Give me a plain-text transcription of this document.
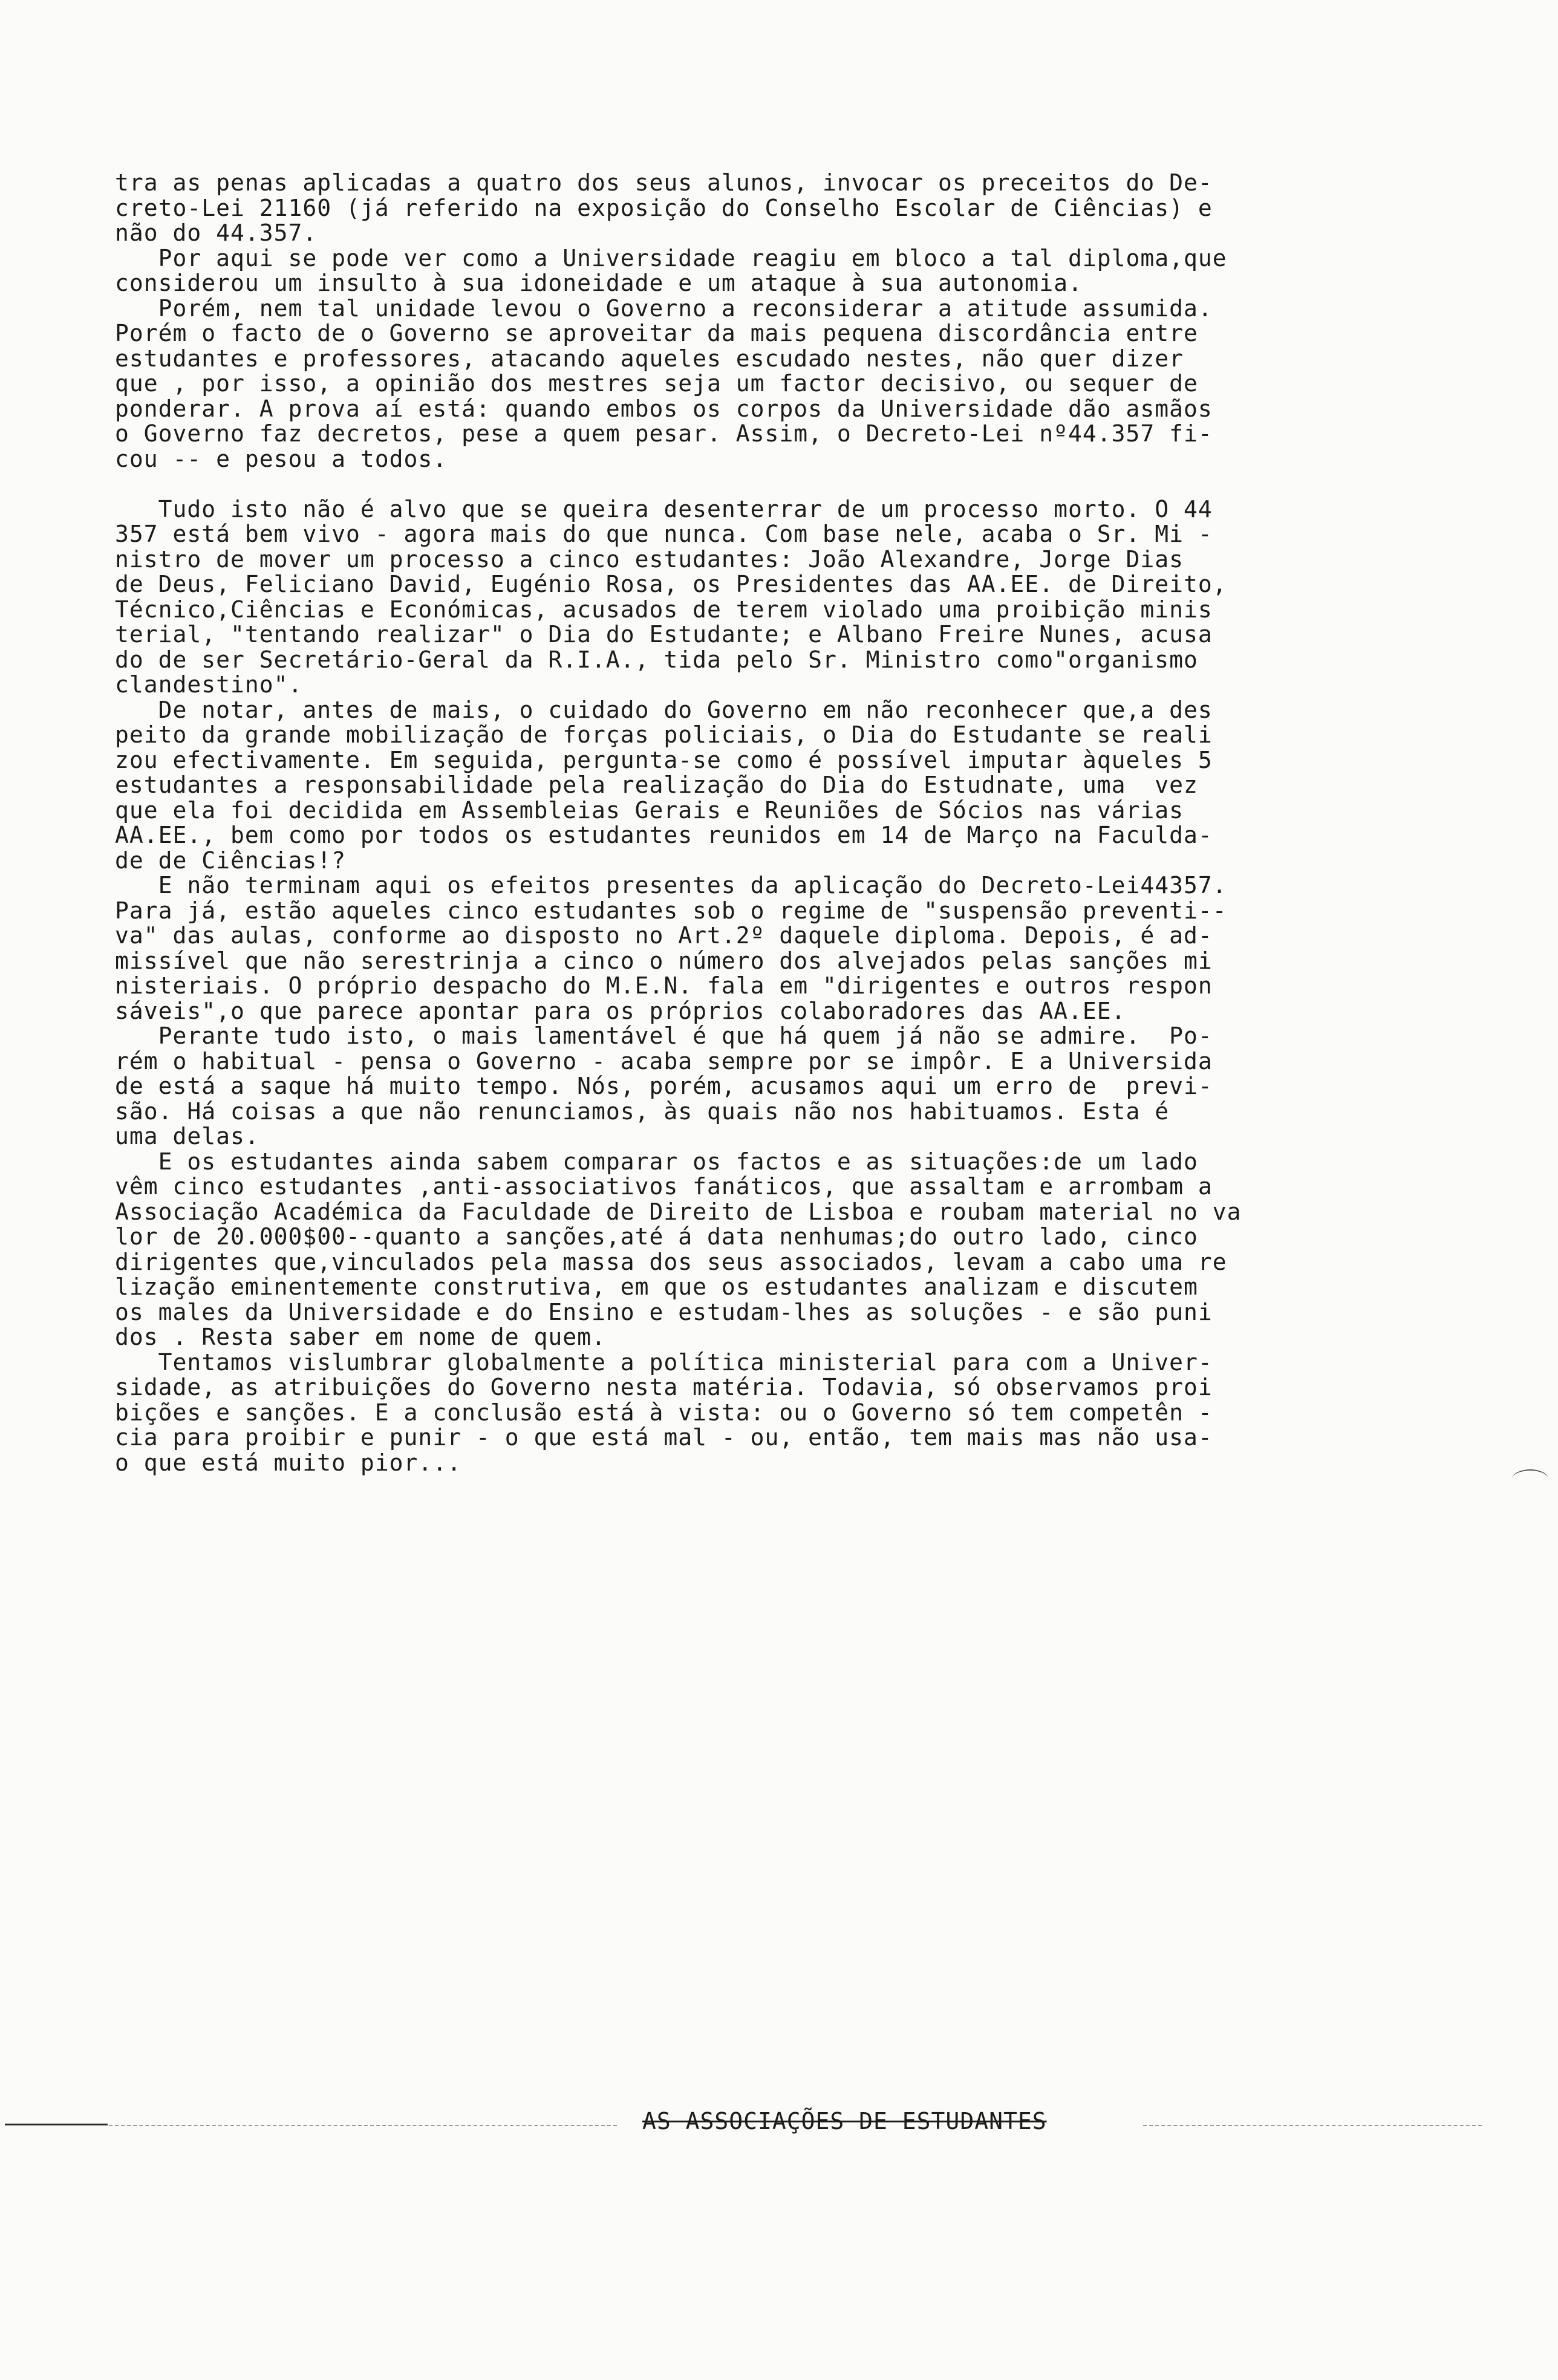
tra as penas aplicadas a quatro dos seus alunos, invocar os preceitos do De-
creto-Lei 21160 (já referido na exposição do Conselho Escolar de Ciências) e
não do 44.357.
Por aqui se pode ver como a Universidade reagiu em bloco a tal diploma,que
considerou um insulto à sua idoneidade e um ataque à sua autonomia.
Porém, nem tal unidade levou o Governo a reconsiderar a atitude assumida.
Porém o facto de o Governo se aproveitar da mais pequena discordância entre
estudantes e professores, atacando aqueles escudado nestes, não quer dizer
que , por isso, a opinião dos mestres seja um factor decisivo, ou sequer de
ponderar. A prova aí está: quando embos os corpos da Universidade dão asmãos
o Governo faz decretos, pese a quem pesar. Assim, o Decreto-Lei nº44.357 fi-
cou -- e pesou a todos.
Tudo isto não é alvo que se queira desenterrar de um processo morto. O 44
357 está bem vivo - agora mais do que nunca. Com base nele, acaba o Sr. Mi -
nistro de mover um processo a cinco estudantes: João Alexandre, Jorge Dias
de Deus, Feliciano David, Eugénio Rosa, os Presidentes das AA.EE. de Direito,
Técnico,Ciências e Económicas, acusados de terem violado uma proibição minis
terial, "tentando realizar" o Dia do Estudante; e Albano Freire Nunes, acusa
do de ser Secretário-Geral da R.I.A., tida pelo Sr. Ministro como"organismo
clandestino".
De notar, antes de mais, o cuidado do Governo em não reconhecer que,a des
peito da grande mobilização de forças policiais, o Dia do Estudante se reali
zou efectivamente. Em seguida, pergunta-se como é possível imputar àqueles 5
estudantes a responsabilidade pela realização do Dia do Estudnate, uma  vez
que ela foi decidida em Assembleias Gerais e Reuniões de Sócios nas várias
AA.EE., bem como por todos os estudantes reunidos em 14 de Março na Faculda-
de de Ciências!?
E não terminam aqui os efeitos presentes da aplicação do Decreto-Lei44357.
Para já, estão aqueles cinco estudantes sob o regime de "suspensão preventi--
va" das aulas, conforme ao disposto no Art.2º daquele diploma. Depois, é ad-
missível que não serestrinja a cinco o número dos alvejados pelas sanções mi
nisteriais. O próprio despacho do M.E.N. fala em "dirigentes e outros respon
sáveis",o que parece apontar para os próprios colaboradores das AA.EE.
Perante tudo isto, o mais lamentável é que há quem já não se admire.  Po-
rém o habitual - pensa o Governo - acaba sempre por se impôr. E a Universida
de está a saque há muito tempo. Nós, porém, acusamos aqui um erro de  previ-
são. Há coisas a que não renunciamos, às quais não nos habituamos. Esta é
uma delas.
E os estudantes ainda sabem comparar os factos e as situações:de um lado
vêm cinco estudantes ,anti-associativos fanáticos, que assaltam e arrombam a
Associação Académica da Faculdade de Direito de Lisboa e roubam material no va
lor de 20.000$00--quanto a sanções,até á data nenhumas;do outro lado, cinco
dirigentes que,vinculados pela massa dos seus associados, levam a cabo uma re
lização eminentemente construtiva, em que os estudantes analizam e discutem
os males da Universidade e do Ensino e estudam-lhes as soluções - e são puni
dos . Resta saber em nome de quem.
Tentamos vislumbrar globalmente a política ministerial para com a Univer-
sidade, as atribuições do Governo nesta matéria. Todavia, só observamos proi
bições e sanções. E a conclusão está à vista: ou o Governo só tem competên -
cia para proibir e punir - o que está mal - ou, então, tem mais mas não usa-
o que está muito pior...
AS ASSOCIAÇÕES DE ESTUDANTES
